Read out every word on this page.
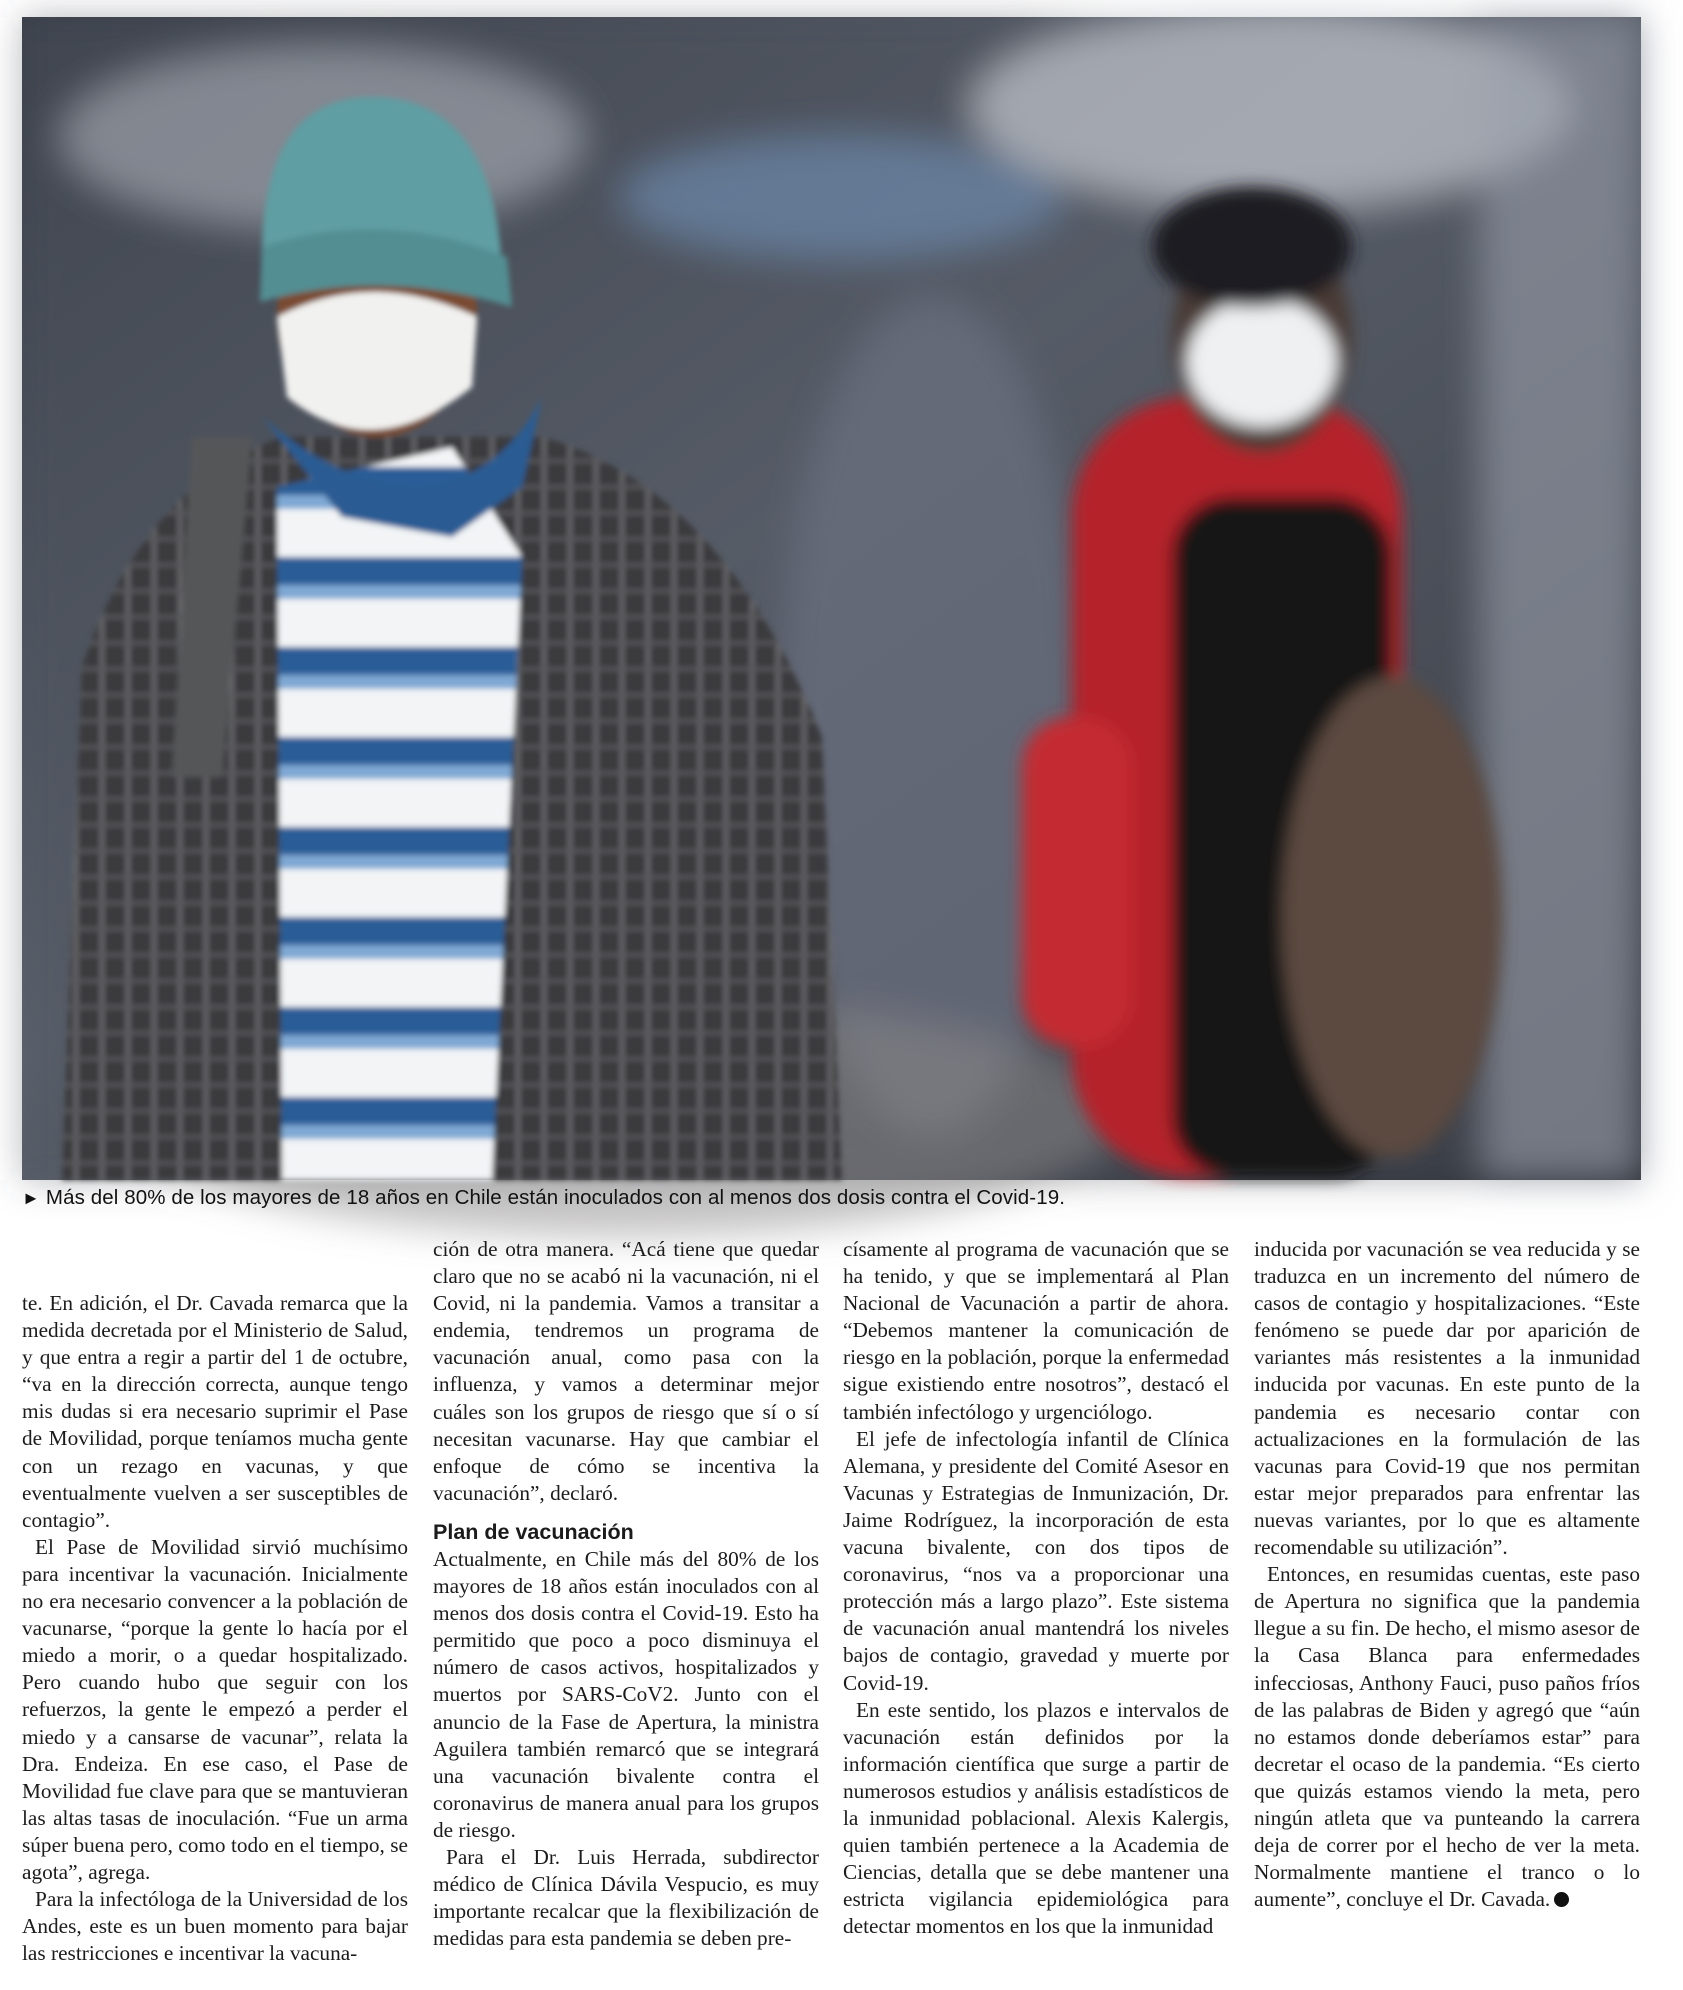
► Más del 80% de los mayores de 18 años en Chile están inoculados con al menos dos dosis contra el Covid-19.

te. En adición, el Dr. Cavada remarca que la medida decretada por el Ministerio de Salud, y que entra a regir a partir del 1 de octubre, “va en la dirección correcta, aunque tengo mis dudas si era necesario suprimir el Pase de Movilidad, porque teníamos mucha gente con un rezago en vacunas, y que eventualmente vuelven a ser susceptibles de contagio”.

El Pase de Movilidad sirvió muchísimo para incentivar la vacunación. Inicialmente no era necesario convencer a la población de vacunarse, “porque la gente lo hacía por el miedo a morir, o a quedar hospitalizado. Pero cuando hubo que seguir con los refuerzos, la gente le empezó a perder el miedo y a cansarse de vacunar”, relata la Dra. Endeiza. En ese caso, el Pase de Movilidad fue clave para que se mantuvieran las altas tasas de inoculación. “Fue un arma súper buena pero, como todo en el tiempo, se agota”, agrega.

Para la infectóloga de la Universidad de los Andes, este es un buen momento para bajar las restricciones e incentivar la vacuna-

ción de otra manera. “Acá tiene que quedar claro que no se acabó ni la vacunación, ni el Covid, ni la pandemia. Vamos a transitar a endemia, tendremos un programa de vacunación anual, como pasa con la influenza, y vamos a determinar mejor cuáles son los grupos de riesgo que sí o sí necesitan vacunarse. Hay que cambiar el enfoque de cómo se incentiva la vacunación”, declaró.

Plan de vacunación

Actualmente, en Chile más del 80% de los mayores de 18 años están inoculados con al menos dos dosis contra el Covid-19. Esto ha permitido que poco a poco disminuya el número de casos activos, hospitalizados y muertos por SARS-CoV2. Junto con el anuncio de la Fase de Apertura, la ministra Aguilera también remarcó que se integrará una vacunación bivalente contra el coronavirus de manera anual para los grupos de riesgo.

Para el Dr. Luis Herrada, subdirector médico de Clínica Dávila Vespucio, es muy importante recalcar que la flexibilización de medidas para esta pandemia se deben pre-

císamente al programa de vacunación que se ha tenido, y que se implementará al Plan Nacional de Vacunación a partir de ahora. “Debemos mantener la comunicación de riesgo en la población, porque la enfermedad sigue existiendo entre nosotros”, destacó el también infectólogo y urgenciólogo.

El jefe de infectología infantil de Clínica Alemana, y presidente del Comité Asesor en Vacunas y Estrategias de Inmunización, Dr. Jaime Rodríguez, la incorporación de esta vacuna bivalente, con dos tipos de coronavirus, “nos va a proporcionar una protección más a largo plazo”. Este sistema de vacunación anual mantendrá los niveles bajos de contagio, gravedad y muerte por Covid-19.

En este sentido, los plazos e intervalos de vacunación están definidos por la información científica que surge a partir de numerosos estudios y análisis estadísticos de la inmunidad poblacional. Alexis Kalergis, quien también pertenece a la Academia de Ciencias, detalla que se debe mantener una estricta vigilancia epidemiológica para detectar momentos en los que la inmunidad

inducida por vacunación se vea reducida y se traduzca en un incremento del número de casos de contagio y hospitalizaciones. “Este fenómeno se puede dar por aparición de variantes más resistentes a la inmunidad inducida por vacunas. En este punto de la pandemia es necesario contar con actualizaciones en la formulación de las vacunas para Covid-19 que nos permitan estar mejor preparados para enfrentar las nuevas variantes, por lo que es altamente recomendable su utilización”.

Entonces, en resumidas cuentas, este paso de Apertura no significa que la pandemia llegue a su fin. De hecho, el mismo asesor de la Casa Blanca para enfermedades infecciosas, Anthony Fauci, puso paños fríos de las palabras de Biden y agregó que “aún no estamos donde deberíamos estar” para decretar el ocaso de la pandemia. “Es cierto que quizás estamos viendo la meta, pero ningún atleta que va punteando la carrera deja de correr por el hecho de ver la meta. Normalmente mantiene el tranco o lo aumente”, concluye el Dr. Cavada.
